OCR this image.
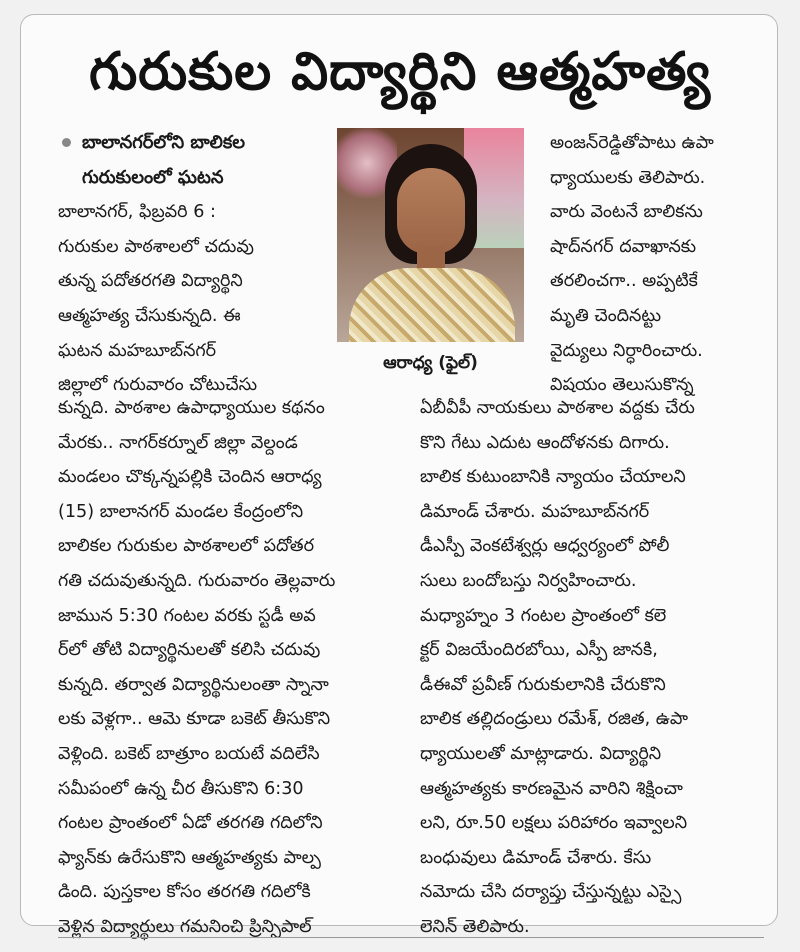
గురుకుల విద్యార్థిని ఆత్మహత్య
బాలానగర్‌లోని బాలికల
గురుకులంలో ఘటన
బాలానగర్, ఫిబ్రవరి 6 :
గురుకుల పాఠశాలలో చదువు
తున్న పదోతరగతి విద్యార్థిని
ఆత్మహత్య చేసుకున్నది. ఈ
ఘటన మహబూబ్‌నగర్
జిల్లాలో గురువారం చోటుచేసు
ఆరాధ్య (ఫైల్)
అంజన్‌రెడ్డితోపాటు ఉపా
ధ్యాయులకు తెలిపారు.
వారు వెంటనే బాలికను
షాద్‌నగర్ దవాఖానకు
తరలించగా.. అప్పటికే
మృతి చెందినట్టు
వైద్యులు నిర్ధారించారు.
విషయం తెలుసుకొన్న
కున్నది. పాఠశాల ఉపాధ్యాయుల కథనం
మేరకు.. నాగర్‌కర్నూల్ జిల్లా వెల్దండ
మండలం చొక్కన్నపల్లికి చెందిన ఆరాధ్య
(15) బాలానగర్ మండల కేంద్రంలోని
బాలికల గురుకుల పాఠశాలలో పదోతర
గతి చదువుతున్నది. గురువారం తెల్లవారు
జామున 5:30 గంటల వరకు స్టడీ అవ
ర్‌లో తోటి విద్యార్థినులతో కలిసి చదువు
కున్నది. తర్వాత విద్యార్థినులంతా స్నానా
లకు వెళ్లగా.. ఆమె కూడా బకెట్ తీసుకొని
వెళ్లింది. బకెట్ బాత్రూం బయటే వదిలేసి
సమీపంలో ఉన్న చీర తీసుకొని 6:30
గంటల ప్రాంతంలో ఏడో తరగతి గదిలోని
ఫ్యాన్‌కు ఉరేసుకొని ఆత్మహత్యకు పాల్ప
డింది. పుస్తకాల కోసం తరగతి గదిలోకి
వెళ్లిన విద్యార్థులు గమనించి ప్రిన్సిపాల్
ఏబీవీపీ నాయకులు పాఠశాల వద్దకు చేరు
కొని గేటు ఎదుట ఆందోళనకు దిగారు.
బాలిక కుటుంబానికి న్యాయం చేయాలని
డిమాండ్ చేశారు. మహబూబ్‌నగర్
డీఎస్పీ వెంకటేశ్వర్లు ఆధ్వర్యంలో పోలీ
సులు బందోబస్తు నిర్వహించారు.
మధ్యాహ్నం 3 గంటల ప్రాంతంలో కలె
క్టర్ విజయేందిరబోయి, ఎస్పీ జానకి,
డీఈవో ప్రవీణ్ గురుకులానికి చేరుకొని
బాలిక తల్లిదండ్రులు రమేశ్, రజిత, ఉపా
ధ్యాయులతో మాట్లాడారు. విద్యార్థిని
ఆత్మహత్యకు కారణమైన వారిని శిక్షించా
లని, రూ.50 లక్షలు పరిహారం ఇవ్వాలని
బంధువులు డిమాండ్ చేశారు. కేసు
నమోదు చేసి దర్యాప్తు చేస్తున్నట్టు ఎస్సై
లెనిన్ తెలిపారు.
